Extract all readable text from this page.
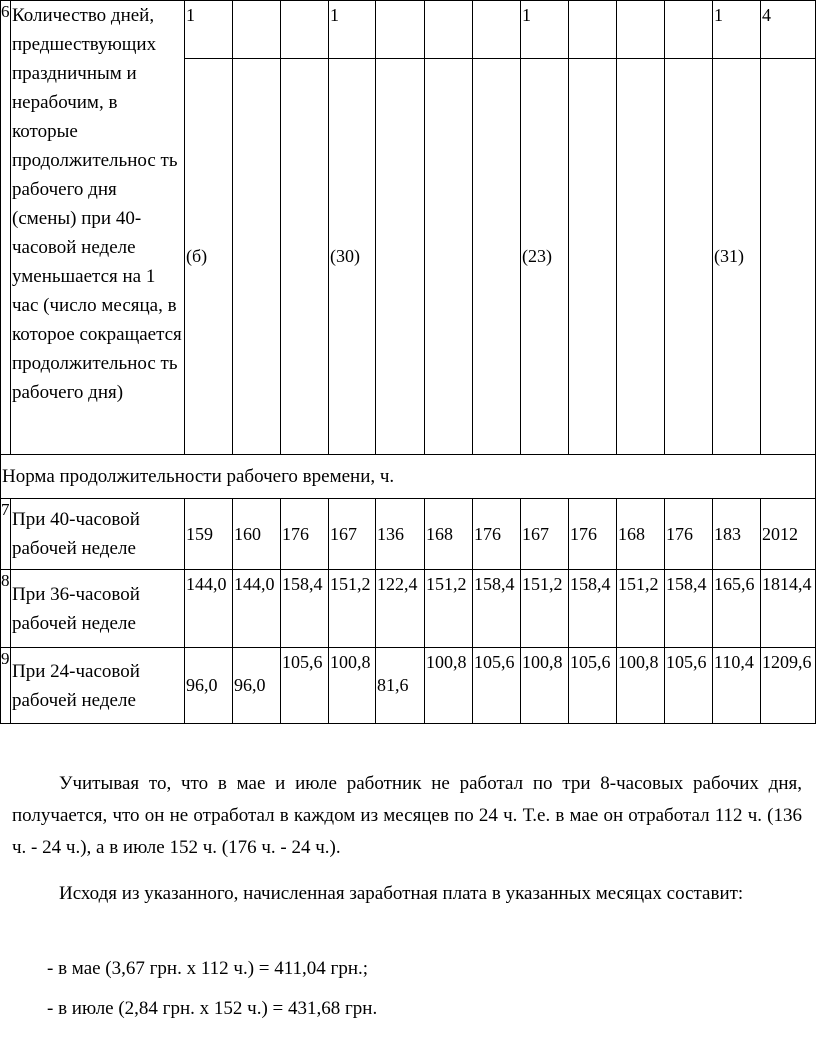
6	Количество дней, предшествующих праздничным и нерабочим, в которые продолжительнос ть рабочего дня (смены) при 40-часовой неделе уменьшается на 1 час (число месяца, в которое сокращается продолжительнос ть рабочего дня)	1			1				1				1	4
		(б)			(30)				(23)				(31)	
Норма продолжительности рабочего времени, ч.														
7	При 40-часовой рабочей неделе	159	160	176	167	136	168	176	167	176	168	176	183	2012
8	При 36-часовой рабочей неделе	144,0	144,0	158,4	151,2	122,4	151,2	158,4	151,2	158,4	151,2	158,4	165,6	1814,4
9	При 24-часовой рабочей неделе	96,0	96,0	105,6	100,8	81,6	100,8	105,6	100,8	105,6	100,8	105,6	110,4	1209,6

Учитывая то, что в мае и июле работник не работал по три 8-часовых рабочих дня, получается, что он не отработал в каждом из месяцев по 24 ч. Т.е. в мае он отработал 112 ч. (136 ч. - 24 ч.), а в июле 152 ч. (176 ч. - 24 ч.).

Исходя из указанного, начисленная заработная плата в указанных месяцах составит:

- в мае (3,67 грн. х 112 ч.) = 411,04 грн.;

- в июле (2,84 грн. х 152 ч.) = 431,68 грн.
